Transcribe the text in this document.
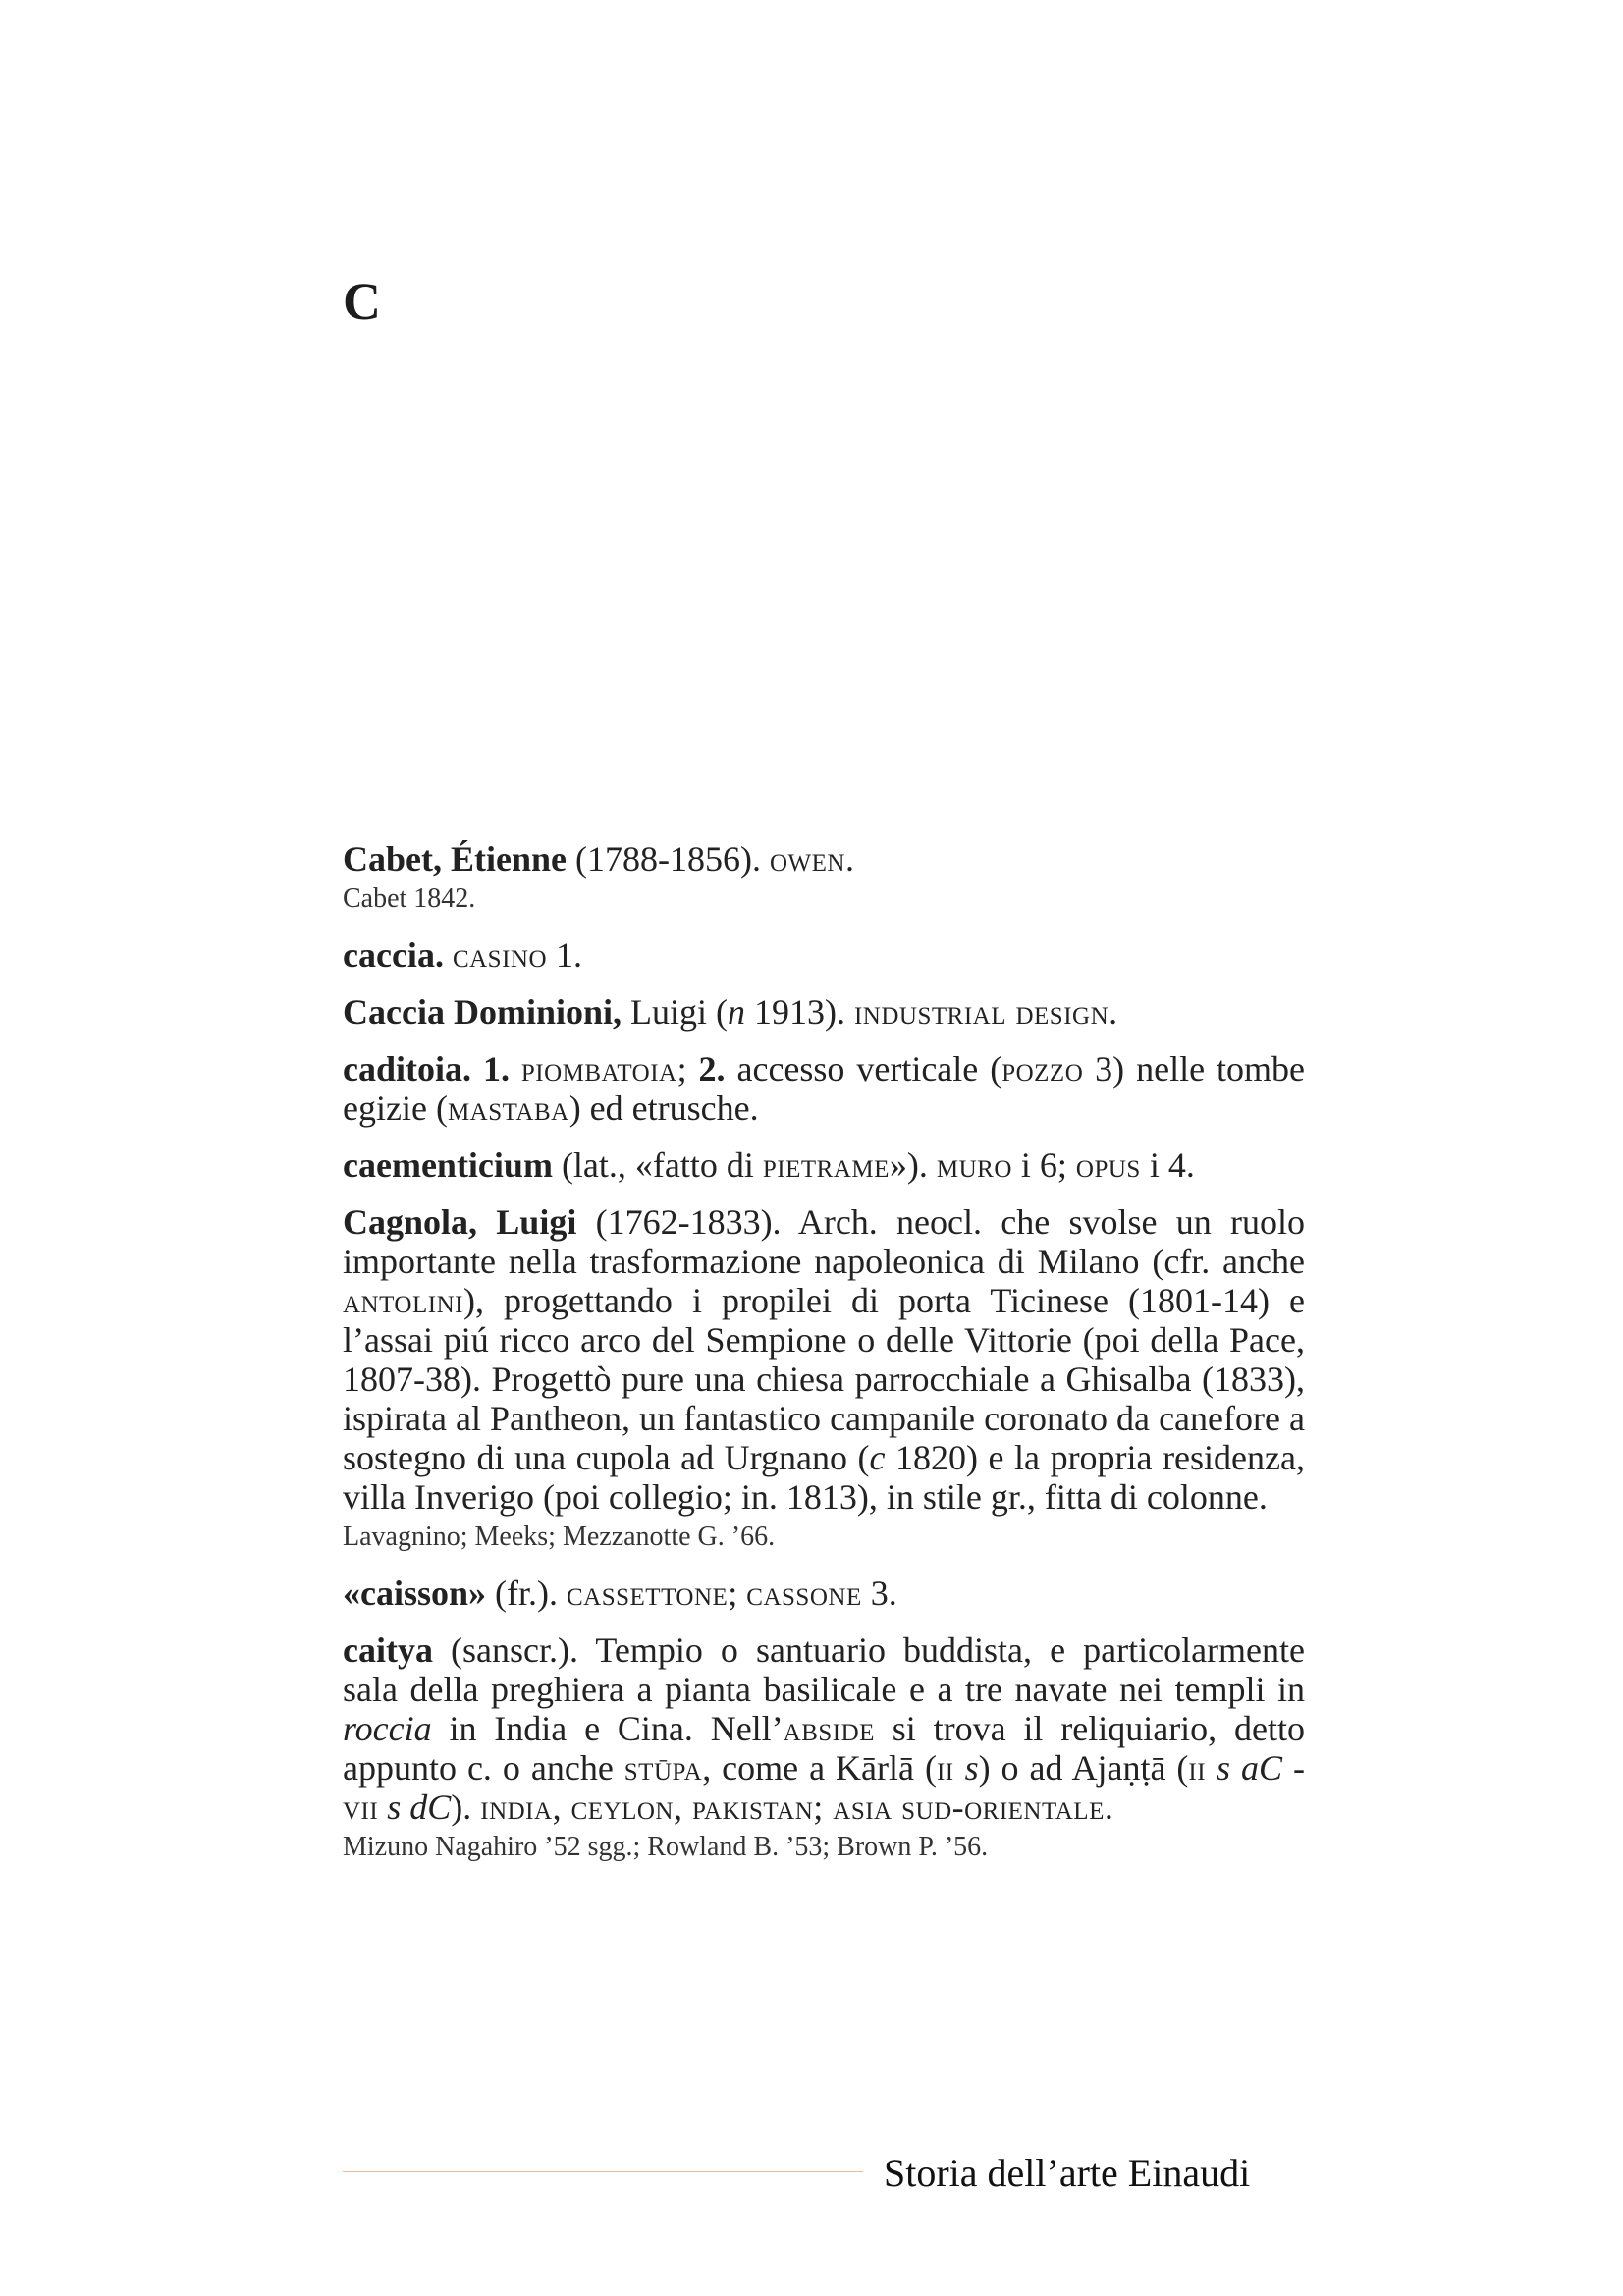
C

Cabet, Étienne (1788-1856). owen.

Cabet 1842.

caccia. casino 1.

Caccia Dominioni, Luigi (n 1913). industrial design.

caditoia. 1. piombatoia; 2. accesso verticale (pozzo 3) nelle tombe egizie (mastaba) ed etrusche.

caementicium (lat., «fatto di pietrame»). muro i 6; opus i 4.

Cagnola, Luigi (1762-1833). Arch. neocl. che svolse un ruolo importante nella trasformazione napoleonica di Milano (cfr. anche antolini), progettando i propilei di porta Ticinese (1801-14) e l’assai piú ricco arco del Sempione o delle Vittorie (poi della Pace, 1807-38). Progettò pure una chiesa parrocchiale a Ghisalba (1833), ispirata al Pantheon, un fantastico campanile coronato da canefore a sostegno di una cupola ad Urgnano (c 1820) e la propria residenza, villa Inverigo (poi collegio; in. 1813), in stile gr., fitta di colonne.

Lavagnino; Meeks; Mezzanotte G. ’66.

«caisson» (fr.). cassettone; cassone 3.

caitya (sanscr.). Tempio o santuario buddista, e particolarmente sala della preghiera a pianta basilicale e a tre navate nei templi in roccia in India e Cina. Nell’abside si trova il reliquiario, detto appunto c. o anche stūpa, come a Kārlā (ii s) o ad Ajaṇṭā (ii s aC - vii s dC). india, ceylon, pakistan; asia sud-orientale.

Mizuno Nagahiro ’52 sgg.; Rowland B. ’53; Brown P. ’56.
Storia dell’arte Einaudi
